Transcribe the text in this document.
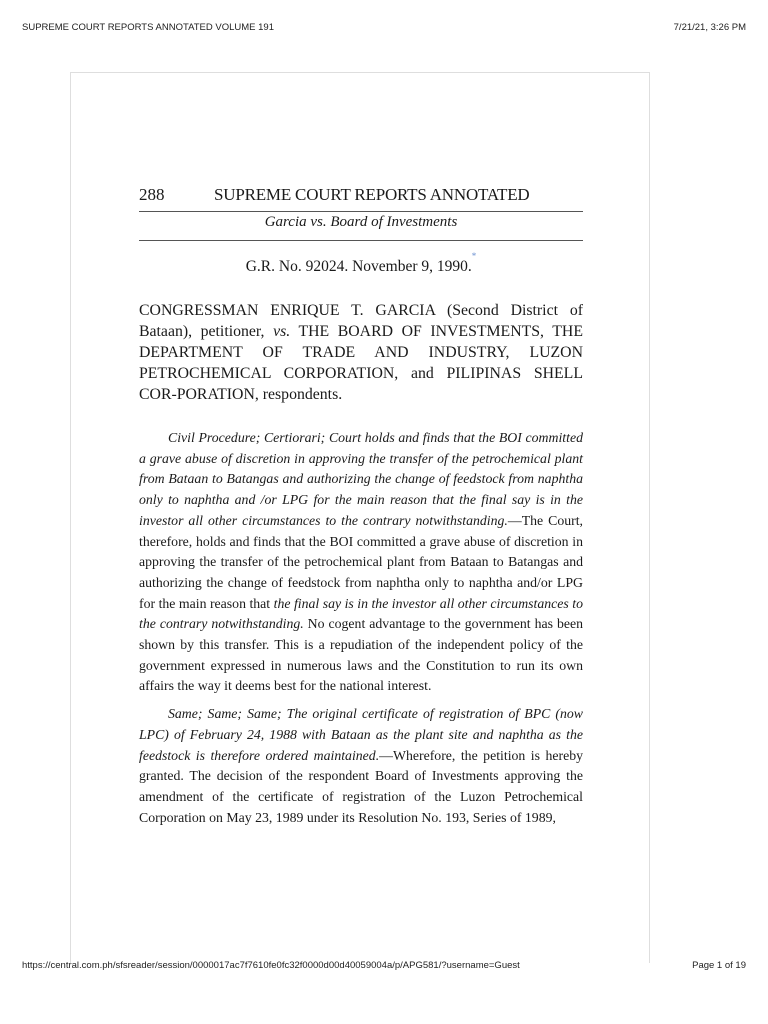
SUPREME COURT REPORTS ANNOTATED VOLUME 191	7/21/21, 3:26 PM
288	SUPREME COURT REPORTS ANNOTATED
Garcia vs. Board of Investments
G.R. No. 92024. November 9, 1990.*
CONGRESSMAN ENRIQUE T. GARCIA (Second District of Bataan), petitioner, vs. THE BOARD OF INVESTMENTS, THE DEPARTMENT OF TRADE AND INDUSTRY, LUZON PETROCHEMICAL CORPORATION, and PILIPINAS SHELL COR-PORATION, respondents.

Civil Procedure; Certiorari; Court holds and finds that the BOI committed a grave abuse of discretion in approving the transfer of the petrochemical plant from Bataan to Batangas and authorizing the change of feedstock from naphtha only to naphtha and /or LPG for the main reason that the final say is in the investor all other circumstances to the contrary notwithstanding.—The Court, therefore, holds and finds that the BOI committed a grave abuse of discretion in approving the transfer of the petrochemical plant from Bataan to Batangas and authorizing the change of feedstock from naphtha only to naphtha and/or LPG for the main reason that the final say is in the investor all other circumstances to the contrary notwithstanding. No cogent advantage to the government has been shown by this transfer. This is a repudiation of the independent policy of the government expressed in numerous laws and the Constitution to run its own affairs the way it deems best for the national interest.

Same; Same; Same; The original certificate of registration of BPC (now LPC) of February 24, 1988 with Bataan as the plant site and naphtha as the feedstock is therefore ordered maintained.—Wherefore, the petition is hereby granted. The decision of the respondent Board of Investments approving the amendment of the certificate of registration of the Luzon Petrochemical Corporation on May 23, 1989 under its Resolution No. 193, Series of 1989,

https://central.com.ph/sfsreader/session/0000017ac7f7610fe0fc32f0000d00d40059004a/p/APG581/?username=Guest	Page 1 of 19
